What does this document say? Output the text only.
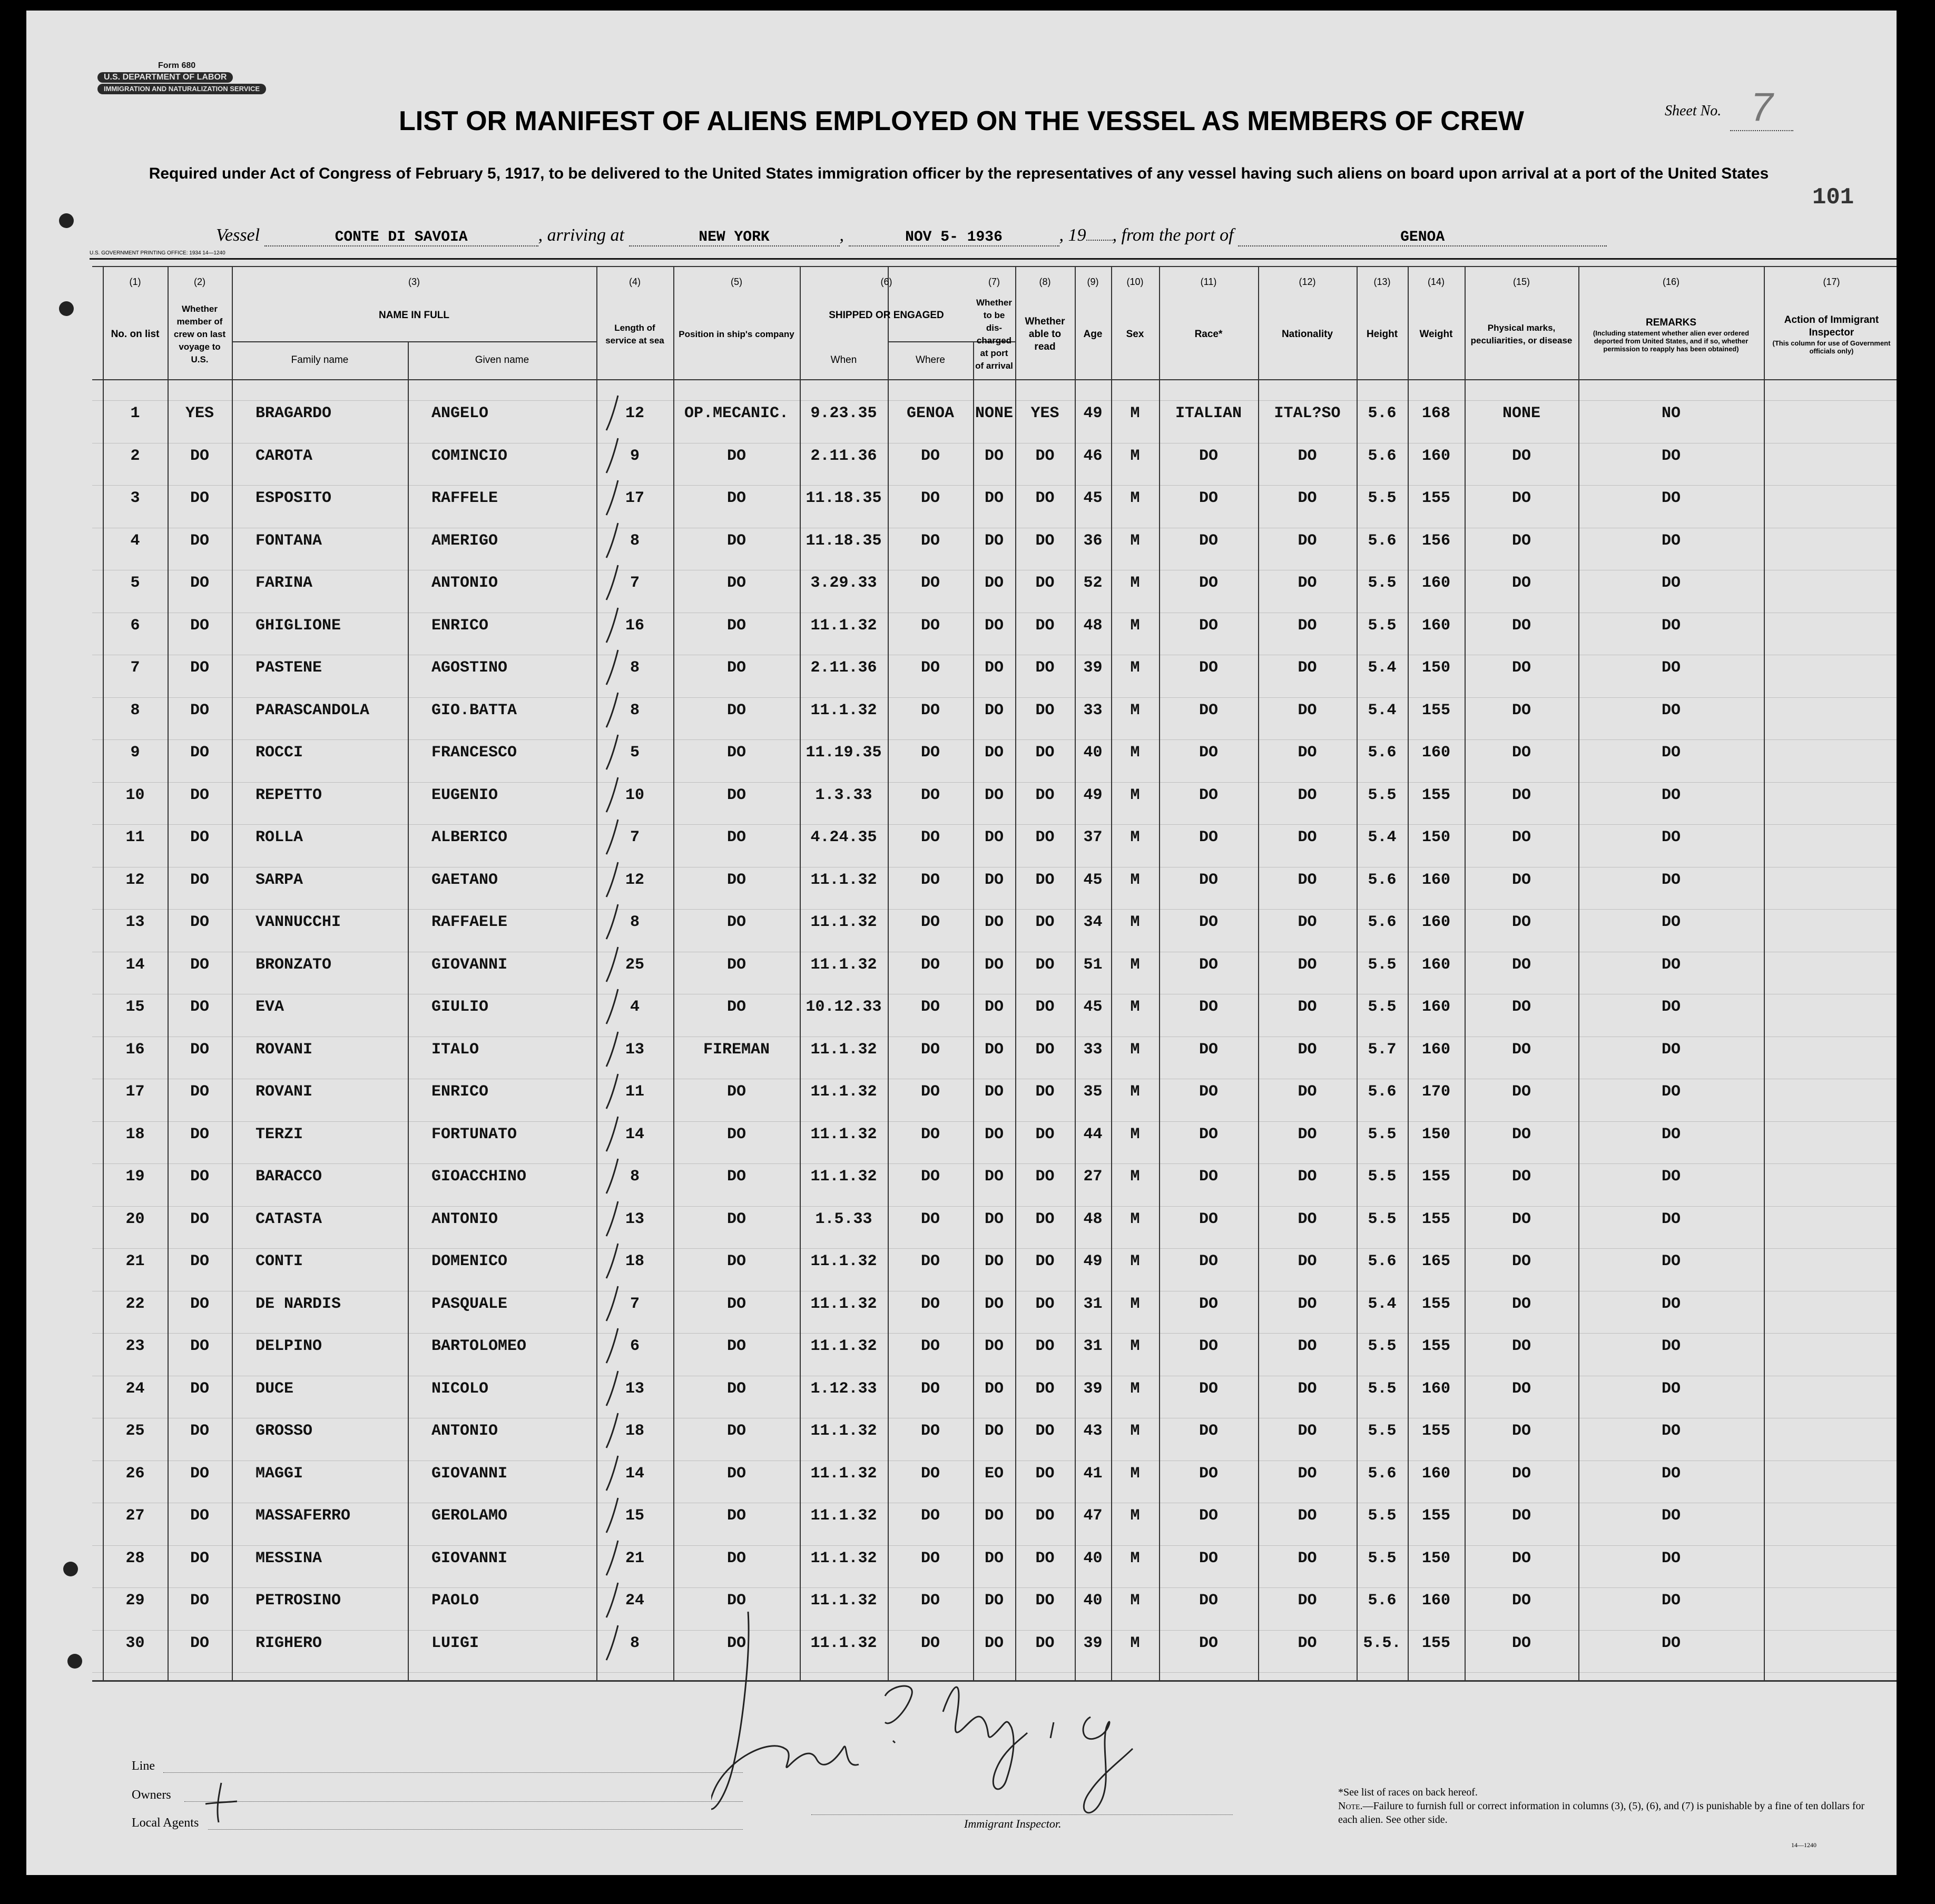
Form 680
U.S. DEPARTMENT OF LABOR
IMMIGRATION AND NATURALIZATION SERVICE
Sheet No. 7
LIST OR MANIFEST OF ALIENS EMPLOYED ON THE VESSEL AS MEMBERS OF CREW
Required under Act of Congress of February 5, 1917, to be delivered to the United States immigration officer by the representatives of any vessel having such aliens on board upon arrival at a port of the United States
101
Vessel	CONTE DI SAVOIA	, arriving at	NEW YORK	,	NOV 5- 1936	, 19 , from the port of	GENOA
U.S. GOVERNMENT PRINTING OFFICE: 1934 14—1240
(1)
No. on list
(2)
Whether member of crew on last voyage to U.S.
(3)
NAME IN FULL
Family name	Given name
(4)
Length of service at sea
(5)
Position in ship's company
(6)
SHIPPED OR ENGAGED
When	Where
(7)
Whether to be dis-charged at port of arrival
(8)
Whether able to read
(9)
Age
(10)
Sex
(11)
Race*
(12)
Nationality
(13)
Height
(14)
Weight
(15)
Physical marks, peculiarities, or disease
(16)
REMARKS
(Including statement whether alien ever ordered deported from United States, and if so, whether permission to reapply has been obtained)
(17)
Action of Immigrant Inspector
(This column for use of Government officials only)
1	YES	BRAGARDO	ANGELO	12	OP.MECANIC.	9.23.35	GENOA	NONE	YES	49	M	ITALIAN	ITAL?SO	5.6	168	NONE	NO
2	DO	CAROTA	COMINCIO	9	DO	2.11.36	DO	DO	DO	46	M	DO	DO	5.6	160	DO	DO
3	DO	ESPOSITO	RAFFELE	17	DO	11.18.35	DO	DO	DO	45	M	DO	DO	5.5	155	DO	DO
4	DO	FONTANA	AMERIGO	8	DO	11.18.35	DO	DO	DO	36	M	DO	DO	5.6	156	DO	DO
5	DO	FARINA	ANTONIO	7	DO	3.29.33	DO	DO	DO	52	M	DO	DO	5.5	160	DO	DO
6	DO	GHIGLIONE	ENRICO	16	DO	11.1.32	DO	DO	DO	48	M	DO	DO	5.5	160	DO	DO
7	DO	PASTENE	AGOSTINO	8	DO	2.11.36	DO	DO	DO	39	M	DO	DO	5.4	150	DO	DO
8	DO	PARASCANDOLA	GIO.BATTA	8	DO	11.1.32	DO	DO	DO	33	M	DO	DO	5.4	155	DO	DO
9	DO	ROCCI	FRANCESCO	5	DO	11.19.35	DO	DO	DO	40	M	DO	DO	5.6	160	DO	DO
10	DO	REPETTO	EUGENIO	10	DO	1.3.33	DO	DO	DO	49	M	DO	DO	5.5	155	DO	DO
11	DO	ROLLA	ALBERICO	7	DO	4.24.35	DO	DO	DO	37	M	DO	DO	5.4	150	DO	DO
12	DO	SARPA	GAETANO	12	DO	11.1.32	DO	DO	DO	45	M	DO	DO	5.6	160	DO	DO
13	DO	VANNUCCHI	RAFFAELE	8	DO	11.1.32	DO	DO	DO	34	M	DO	DO	5.6	160	DO	DO
14	DO	BRONZATO	GIOVANNI	25	DO	11.1.32	DO	DO	DO	51	M	DO	DO	5.5	160	DO	DO
15	DO	EVA	GIULIO	4	DO	10.12.33	DO	DO	DO	45	M	DO	DO	5.5	160	DO	DO
16	DO	ROVANI	ITALO	13	FIREMAN	11.1.32	DO	DO	DO	33	M	DO	DO	5.7	160	DO	DO
17	DO	ROVANI	ENRICO	11	DO	11.1.32	DO	DO	DO	35	M	DO	DO	5.6	170	DO	DO
18	DO	TERZI	FORTUNATO	14	DO	11.1.32	DO	DO	DO	44	M	DO	DO	5.5	150	DO	DO
19	DO	BARACCO	GIOACCHINO	8	DO	11.1.32	DO	DO	DO	27	M	DO	DO	5.5	155	DO	DO
20	DO	CATASTA	ANTONIO	13	DO	1.5.33	DO	DO	DO	48	M	DO	DO	5.5	155	DO	DO
21	DO	CONTI	DOMENICO	18	DO	11.1.32	DO	DO	DO	49	M	DO	DO	5.6	165	DO	DO
22	DO	DE NARDIS	PASQUALE	7	DO	11.1.32	DO	DO	DO	31	M	DO	DO	5.4	155	DO	DO
23	DO	DELPINO	BARTOLOMEO	6	DO	11.1.32	DO	DO	DO	31	M	DO	DO	5.5	155	DO	DO
24	DO	DUCE	NICOLO	13	DO	1.12.33	DO	DO	DO	39	M	DO	DO	5.5	160	DO	DO
25	DO	GROSSO	ANTONIO	18	DO	11.1.32	DO	DO	DO	43	M	DO	DO	5.5	155	DO	DO
26	DO	MAGGI	GIOVANNI	14	DO	11.1.32	DO	EO	DO	41	M	DO	DO	5.6	160	DO	DO
27	DO	MASSAFERRO	GEROLAMO	15	DO	11.1.32	DO	DO	DO	47	M	DO	DO	5.5	155	DO	DO
28	DO	MESSINA	GIOVANNI	21	DO	11.1.32	DO	DO	DO	40	M	DO	DO	5.5	150	DO	DO
29	DO	PETROSINO	PAOLO	24	DO	11.1.32	DO	DO	DO	40	M	DO	DO	5.6	160	DO	DO
30	DO	RIGHERO	LUIGI	8	DO	11.1.32	DO	DO	DO	39	M	DO	DO	5.5.	155	DO	DO
Line
Owners
Local Agents	Immigrant Inspector.
*See list of races on back hereof.
Note.—Failure to furnish full or correct information in columns (3), (5), (6), and (7) is punishable by a fine of ten dollars for each alien. See other side.
14—1240
